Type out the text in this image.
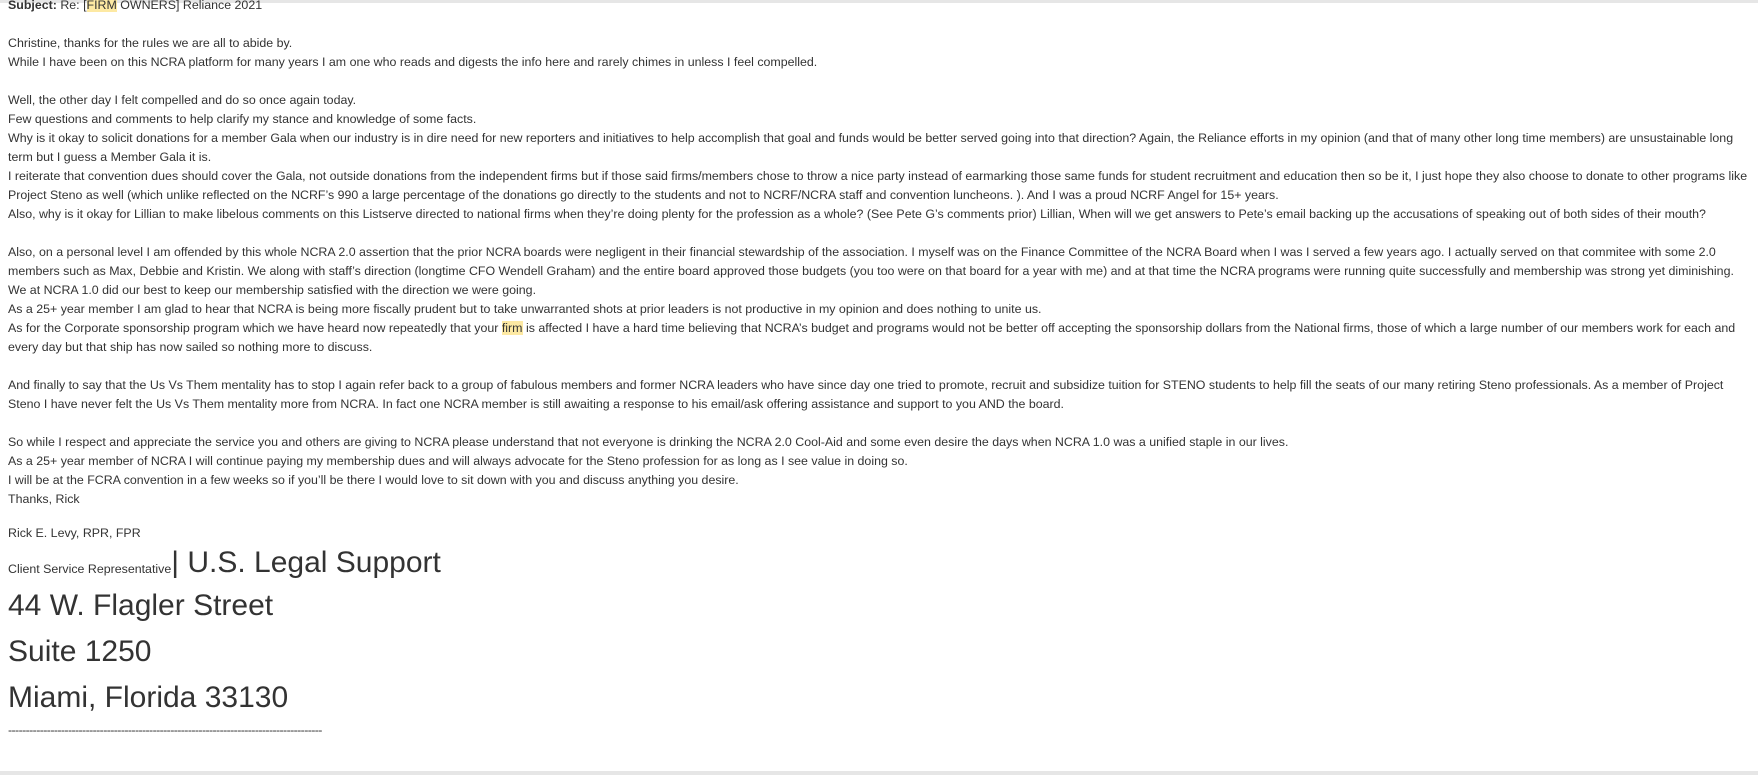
Subject: Re: [FIRM OWNERS] Reliance 2021
Christine, thanks for the rules we are all to abide by.
While I have been on this NCRA platform for many years I am one who reads and digests the info here and rarely chimes in unless I feel compelled.
Well, the other day I felt compelled and do so once again today.
Few questions and comments to help clarify my stance and knowledge of some facts.
Why is it okay to solicit donations for a member Gala when our industry is in dire need for new reporters and initiatives to help accomplish that goal and funds would be better served going into that direction? Again, the Reliance efforts in my opinion (and that of many other long time members) are unsustainable long term but I guess a Member Gala it is.
I reiterate that convention dues should cover the Gala, not outside donations from the independent firms but if those said firms/members chose to throw a nice party instead of earmarking those same funds for student recruitment and education then so be it, I just hope they also choose to donate to other programs like Project Steno as well (which unlike reflected on the NCRF’s 990 a large percentage of the donations go directly to the students and not to NCRF/NCRA staff and convention luncheons. ). And I was a proud NCRF Angel for 15+ years.
Also, why is it okay for Lillian to make libelous comments on this Listserve directed to national firms when they’re doing plenty for the profession as a whole? (See Pete G’s comments prior) Lillian, When will we get answers to Pete’s email backing up the accusations of speaking out of both sides of their mouth?
Also, on a personal level I am offended by this whole NCRA 2.0 assertion that the prior NCRA boards were negligent in their financial stewardship of the association. I myself was on the Finance Committee of the NCRA Board when I was I served a few years ago. I actually served on that commitee with some 2.0 members such as Max, Debbie and Kristin. We along with staff’s direction (longtime CFO Wendell Graham) and the entire board approved those budgets (you too were on that board for a year with me) and at that time the NCRA programs were running quite successfully and membership was strong yet diminishing. We at NCRA 1.0 did our best to keep our membership satisfied with the direction we were going.
As a 25+ year member I am glad to hear that NCRA is being more fiscally prudent but to take unwarranted shots at prior leaders is not productive in my opinion and does nothing to unite us.
As for the Corporate sponsorship program which we have heard now repeatedly that your firm is affected I have a hard time believing that NCRA’s budget and programs would not be better off accepting the sponsorship dollars from the National firms, those of which a large number of our members work for each and every day but that ship has now sailed so nothing more to discuss.
And finally to say that the Us Vs Them mentality has to stop I again refer back to a group of fabulous members and former NCRA leaders who have since day one tried to promote, recruit and subsidize tuition for STENO students to help fill the seats of our many retiring Steno professionals. As a member of Project Steno I have never felt the Us Vs Them mentality more from NCRA. In fact one NCRA member is still awaiting a response to his email/ask offering assistance and support to you AND the board.
So while I respect and appreciate the service you and others are giving to NCRA please understand that not everyone is drinking the NCRA 2.0 Cool-Aid and some even desire the days when NCRA 1.0 was a unified staple in our lives.
As a 25+ year member of NCRA I will continue paying my membership dues and will always advocate for the Steno profession for as long as I see value in doing so.
I will be at the FCRA convention in a few weeks so if you’ll be there I would love to sit down with you and discuss anything you desire.
Thanks, Rick
Rick E. Levy, RPR, FPR
Client Service Representative | U.S. Legal Support
44 W. Flagler Street
Suite 1250
Miami, Florida 33130
-----------------------------------------------------------------------------------------
